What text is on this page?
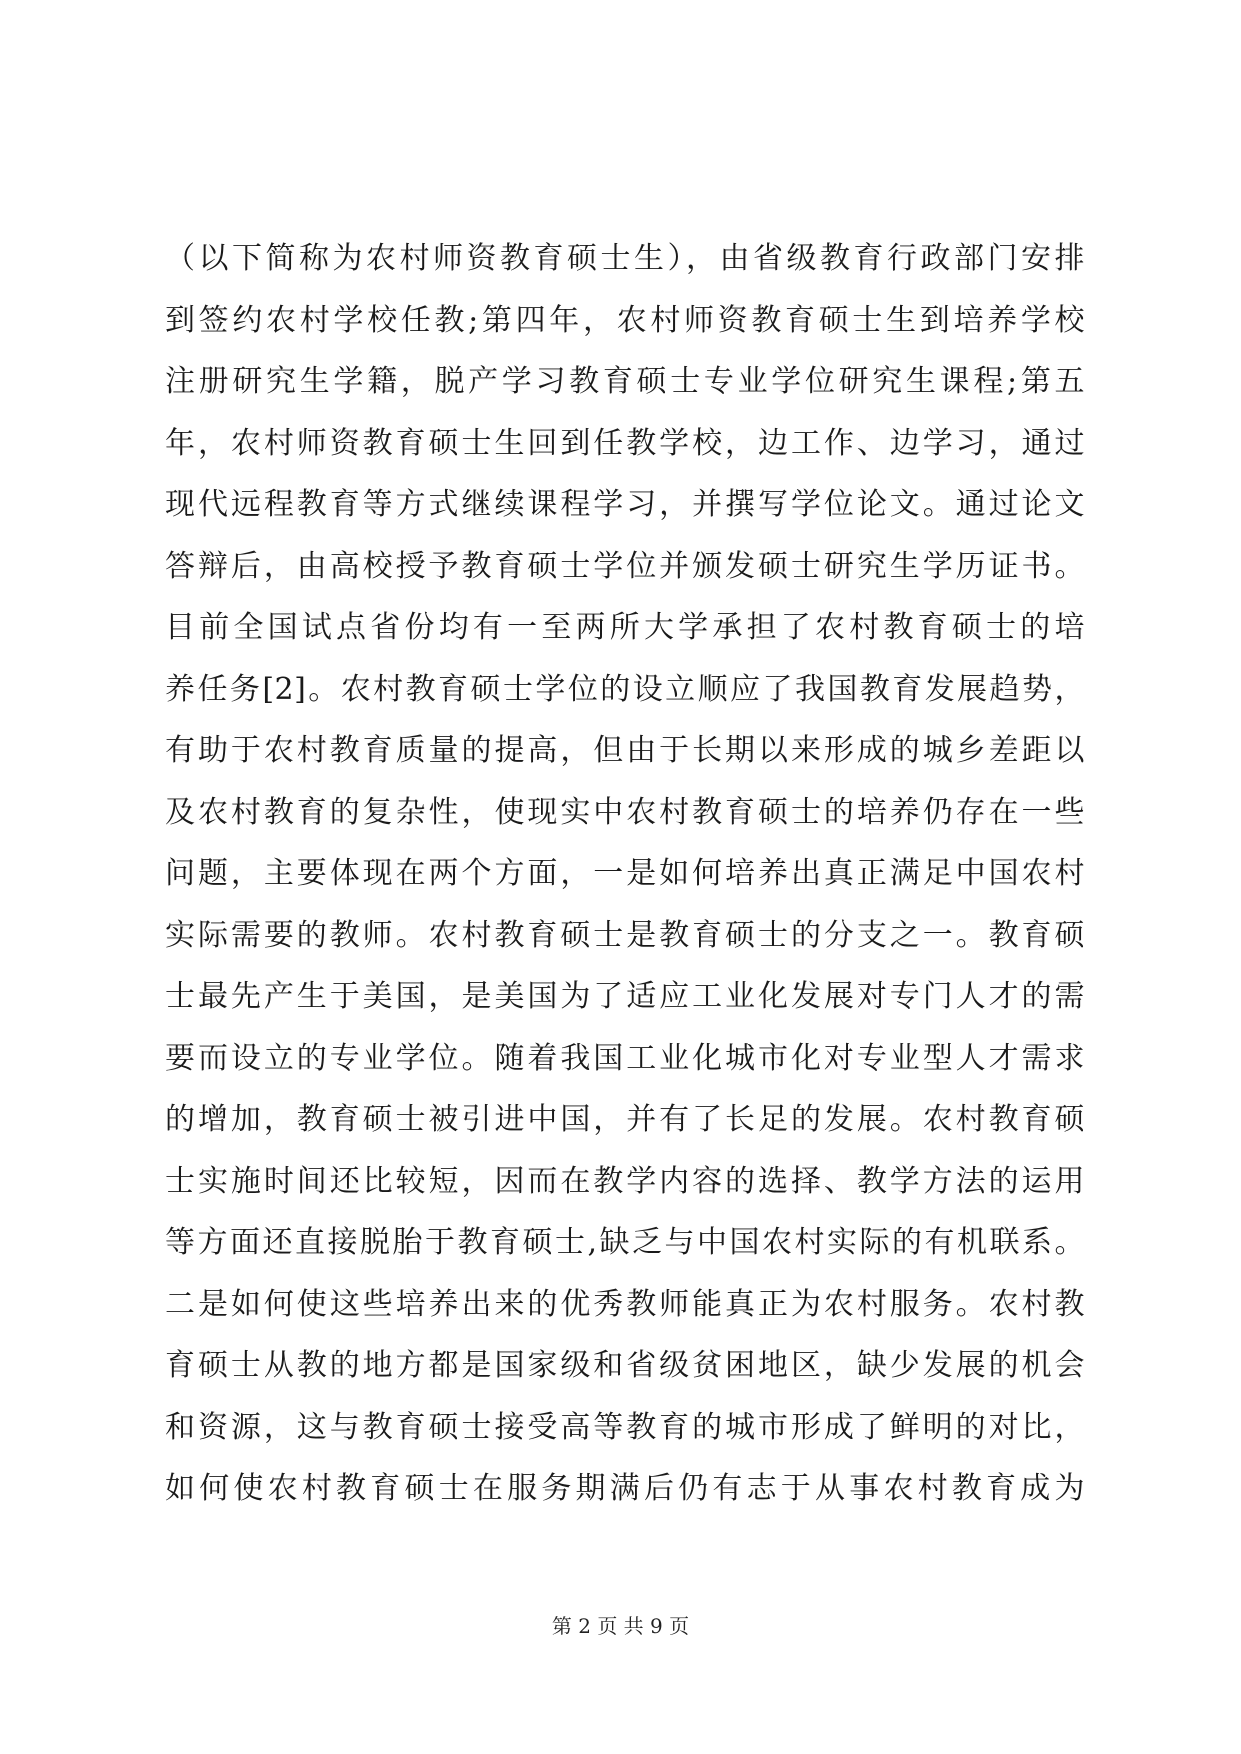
（以下简称为农村师资教育硕士生），由省级教育行政部门安排
到签约农村学校任教;第四年，农村师资教育硕士生到培养学校
注册研究生学籍，脱产学习教育硕士专业学位研究生课程;第五
年，农村师资教育硕士生回到任教学校，边工作、边学习，通过
现代远程教育等方式继续课程学习，并撰写学位论文。通过论文
答辩后，由高校授予教育硕士学位并颁发硕士研究生学历证书。
目前全国试点省份均有一至两所大学承担了农村教育硕士的培
养任务[2]。农村教育硕士学位的设立顺应了我国教育发展趋势，
有助于农村教育质量的提高，但由于长期以来形成的城乡差距以
及农村教育的复杂性，使现实中农村教育硕士的培养仍存在一些
问题，主要体现在两个方面，一是如何培养出真正满足中国农村
实际需要的教师。农村教育硕士是教育硕士的分支之一。教育硕
士最先产生于美国，是美国为了适应工业化发展对专门人才的需
要而设立的专业学位。随着我国工业化城市化对专业型人才需求
的增加，教育硕士被引进中国，并有了长足的发展。农村教育硕
士实施时间还比较短，因而在教学内容的选择、教学方法的运用
等方面还直接脱胎于教育硕士,缺乏与中国农村实际的有机联系。
二是如何使这些培养出来的优秀教师能真正为农村服务。农村教
育硕士从教的地方都是国家级和省级贫困地区，缺少发展的机会
和资源，这与教育硕士接受高等教育的城市形成了鲜明的对比，
如何使农村教育硕士在服务期满后仍有志于从事农村教育成为
第 2 页 共 9 页
